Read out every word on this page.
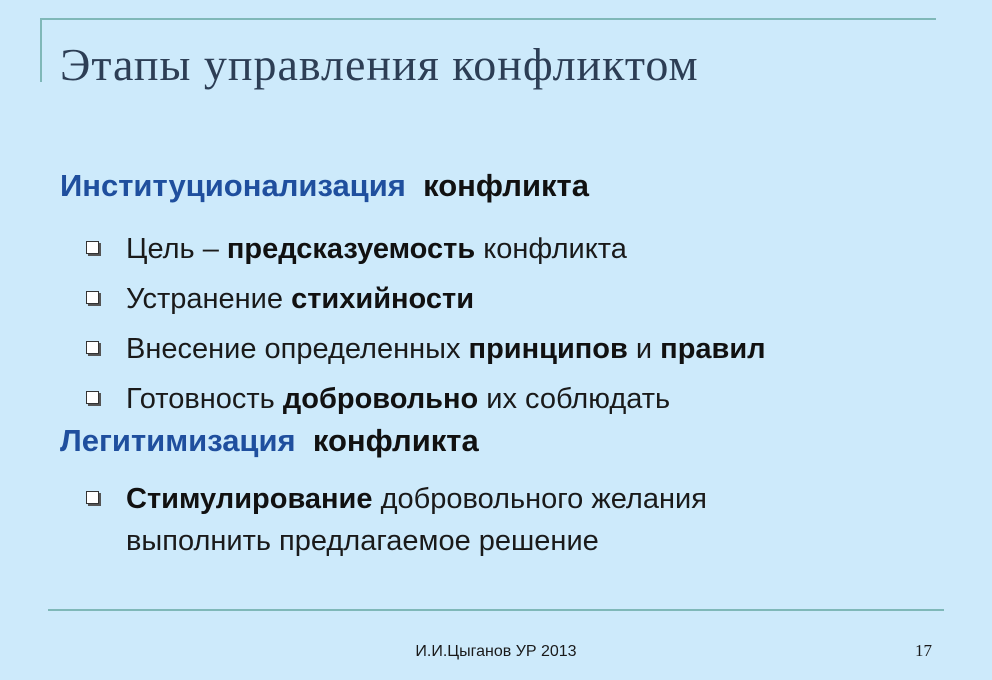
Этапы управления конфликтом
Институционализация конфликта
Цель – предсказуемость конфликта
Устранение стихийности
Внесение определенных принципов и правил
Готовность добровольно их соблюдать
Легитимизация конфликта
Стимулирование добровольного желания
выполнить предлагаемое решение
И.И.Цыганов УР 2013	17
